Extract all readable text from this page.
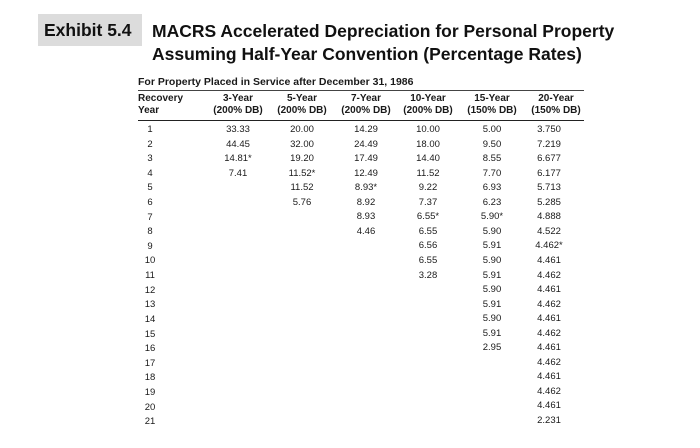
Exhibit 5.4	MACRS Accelerated Depreciation for Personal Property
Assuming Half-Year Convention (Percentage Rates)
For Property Placed in Service after December 31, 1986
Recovery
Year
3-Year
(200% DB)
5-Year
(200% DB)
7-Year
(200% DB)
10-Year
(200% DB)
15-Year
(150% DB)
20-Year
(150% DB)
1
2
3
4
5
6
7
8
9
10
11
12
13
14
15
16
17
18
19
20
21
33.33
44.45
14.81*
7.41
20.00
32.00
19.20
11.52*
11.52
5.76
14.29
24.49
17.49
12.49
8.93*
8.92
8.93
4.46
10.00
18.00
14.40
11.52
9.22
7.37
6.55*
6.55
6.56
6.55
3.28
5.00
9.50
8.55
7.70
6.93
6.23
5.90*
5.90
5.91
5.90
5.91
5.90
5.91
5.90
5.91
2.95
3.750
7.219
6.677
6.177
5.713
5.285
4.888
4.522
4.462*
4.461
4.462
4.461
4.462
4.461
4.462
4.461
4.462
4.461
4.462
4.461
2.231
